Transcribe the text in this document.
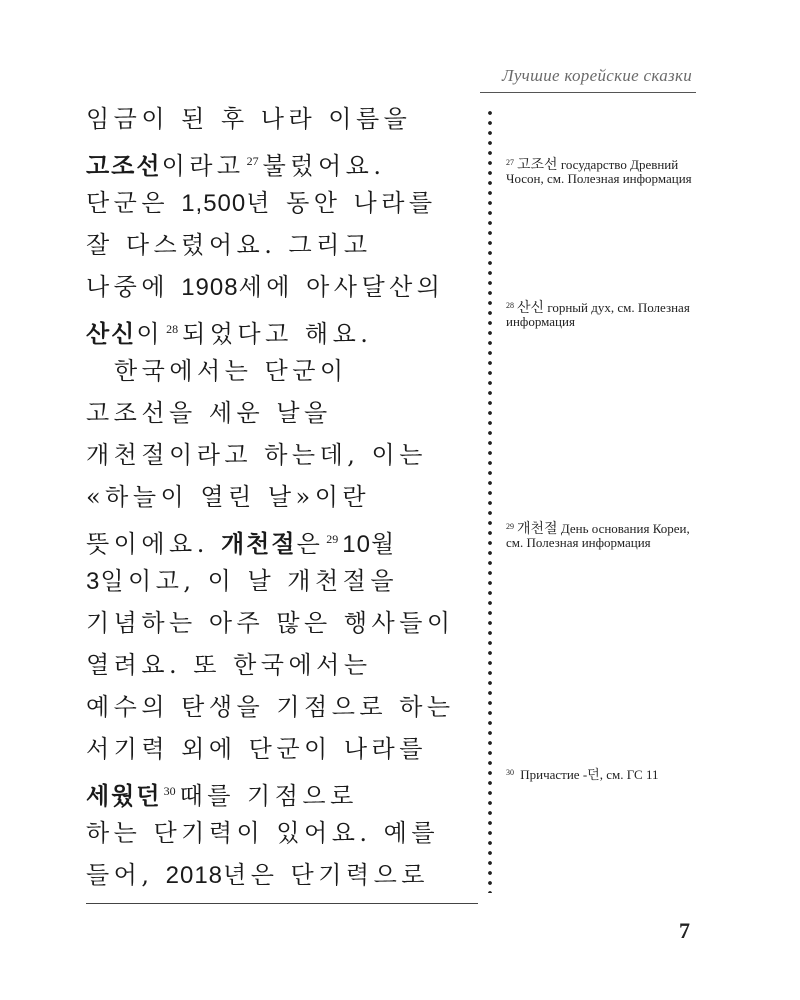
Лучшие корейские сказки
임금이 된 후 나라 이름을
고조선이라고 $^{27}$ 불렀어요.
단군은 1,500년 동안 나라를
잘 다스렸어요. 그리고
나중에 1908세에 아사달산의
산신이 $^{28}$ 되었다고 해요.
한국에서는 단군이
고조선을 세운 날을
개천절이라고 하는데, 이는
«하늘이 열린 날»이란
뜻이에요. 개천절은 $^{29}$ 10월
3일이고, 이 날 개천절을
기념하는 아주 많은 행사들이
열려요. 또 한국에서는
예수의 탄생을 기점으로 하는
서기력 외에 단군이 나라를
세웠던 $^{30}$ 때를 기점으로
하는 단기력이 있어요. 예를
들어, 2018년은 단기력으로
$^{27}$ 고조선 государство Древний Чосон, см. Полезная информация
$^{28}$ 산신 горный дух, см. Полезная информация
$^{29}$ 개천절 День основания Кореи, см. Полезная информация
$^{30}$ Причастие -던, см. ГС 11
7
